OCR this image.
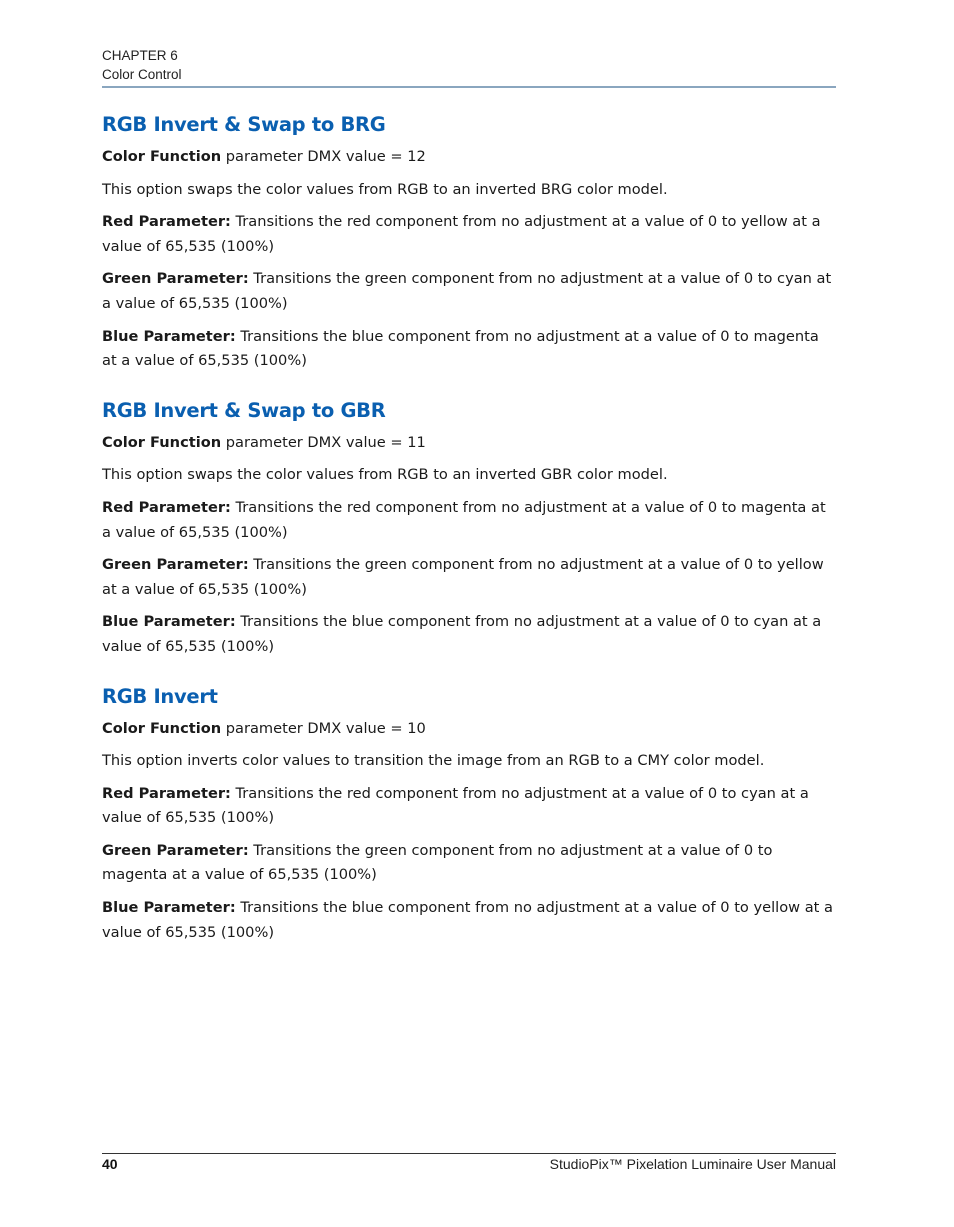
CHAPTER 6
Color Control
RGB Invert & Swap to BRG

Color Function parameter DMX value = 12

This option swaps the color values from RGB to an inverted BRG color model.

Red Parameter: Transitions the red component from no adjustment at a value of 0 to yellow at a value of 65,535 (100%)

Green Parameter: Transitions the green component from no adjustment at a value of 0 to cyan at a value of 65,535 (100%)

Blue Parameter: Transitions the blue component from no adjustment at a value of 0 to magenta at a value of 65,535 (100%)

RGB Invert & Swap to GBR

Color Function parameter DMX value = 11

This option swaps the color values from RGB to an inverted GBR color model.

Red Parameter: Transitions the red component from no adjustment at a value of 0 to magenta at a value of 65,535 (100%)

Green Parameter: Transitions the green component from no adjustment at a value of 0 to yellow at a value of 65,535 (100%)

Blue Parameter: Transitions the blue component from no adjustment at a value of 0 to cyan at a value of 65,535 (100%)

RGB Invert

Color Function parameter DMX value = 10

This option inverts color values to transition the image from an RGB to a CMY color model.

Red Parameter: Transitions the red component from no adjustment at a value of 0 to cyan at a value of 65,535 (100%)

Green Parameter: Transitions the green component from no adjustment at a value of 0 to magenta at a value of 65,535 (100%)

Blue Parameter: Transitions the blue component from no adjustment at a value of 0 to yellow at a value of 65,535 (100%)

40	StudioPix™ Pixelation Luminaire User Manual
